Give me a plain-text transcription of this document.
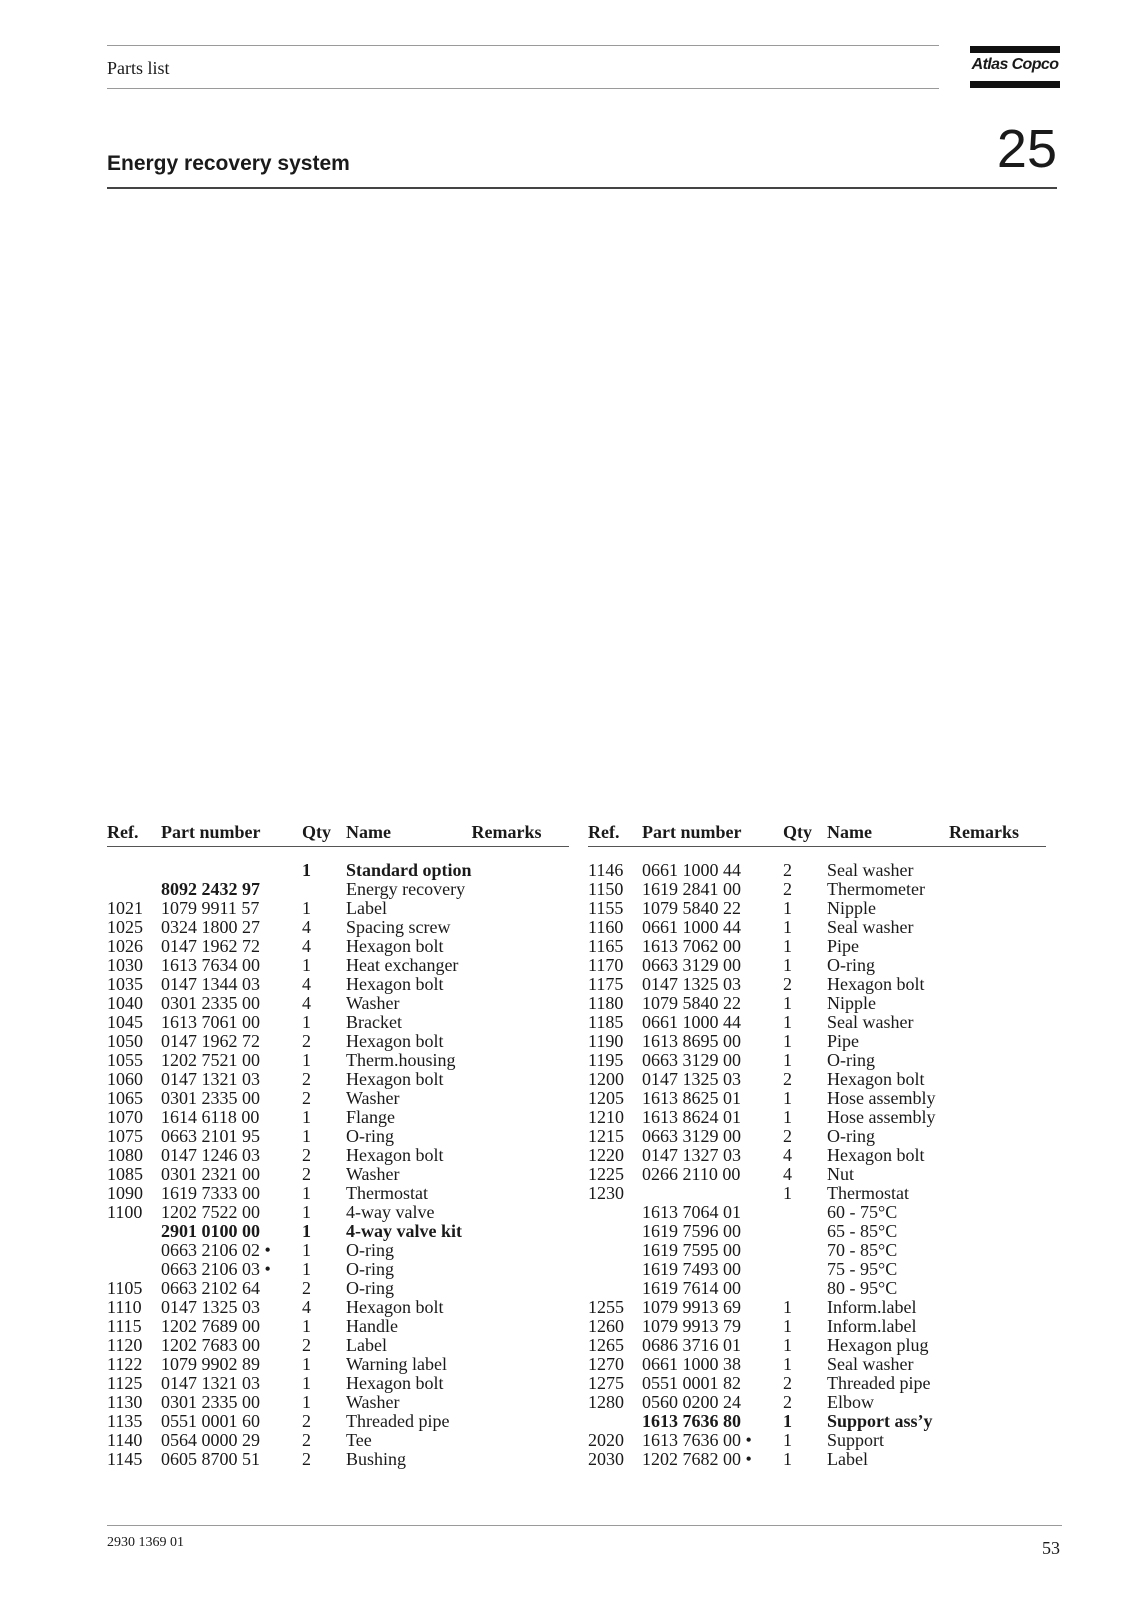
Parts list	Atlas Copco
Energy recovery system	25
Ref.	Part number	Qty	Name	Remarks

		1	Standard option	
	8092 2432 97		Energy recovery	
1021	1079 9911 57	1	Label	
1025	0324 1800 27	4	Spacing screw	
1026	0147 1962 72	4	Hexagon bolt	
1030	1613 7634 00	1	Heat exchanger	
1035	0147 1344 03	4	Hexagon bolt	
1040	0301 2335 00	4	Washer	
1045	1613 7061 00	1	Bracket	
1050	0147 1962 72	2	Hexagon bolt	
1055	1202 7521 00	1	Therm.housing	
1060	0147 1321 03	2	Hexagon bolt	
1065	0301 2335 00	2	Washer	
1070	1614 6118 00	1	Flange	
1075	0663 2101 95	1	O-ring	
1080	0147 1246 03	2	Hexagon bolt	
1085	0301 2321 00	2	Washer	
1090	1619 7333 00	1	Thermostat	
1100	1202 7522 00	1	4-way valve	
	2901 0100 00	1	4-way valve kit	
	0663 2106 02 •	1	O-ring	
	0663 2106 03 •	1	O-ring	
1105	0663 2102 64	2	O-ring	
1110	0147 1325 03	4	Hexagon bolt	
1115	1202 7689 00	1	Handle	
1120	1202 7683 00	2	Label	
1122	1079 9902 89	1	Warning label	
1125	0147 1321 03	1	Hexagon bolt	
1130	0301 2335 00	1	Washer	
1135	0551 0001 60	2	Threaded pipe	
1140	0564 0000 29	2	Tee	
1145	0605 8700 51	2	Bushing	
Ref.	Part number	Qty	Name	Remarks

1146	0661 1000 44	2	Seal washer	
1150	1619 2841 00	2	Thermometer	
1155	1079 5840 22	1	Nipple	
1160	0661 1000 44	1	Seal washer	
1165	1613 7062 00	1	Pipe	
1170	0663 3129 00	1	O-ring	
1175	0147 1325 03	2	Hexagon bolt	
1180	1079 5840 22	1	Nipple	
1185	0661 1000 44	1	Seal washer	
1190	1613 8695 00	1	Pipe	
1195	0663 3129 00	1	O-ring	
1200	0147 1325 03	2	Hexagon bolt	
1205	1613 8625 01	1	Hose assembly	
1210	1613 8624 01	1	Hose assembly	
1215	0663 3129 00	2	O-ring	
1220	0147 1327 03	4	Hexagon bolt	
1225	0266 2110 00	4	Nut	
1230		1	Thermostat	
	1613 7064 01		60 - 75°C	
	1619 7596 00		65 - 85°C	
	1619 7595 00		70 - 85°C	
	1619 7493 00		75 - 95°C	
	1619 7614 00		80 - 95°C	
1255	1079 9913 69	1	Inform.label	
1260	1079 9913 79	1	Inform.label	
1265	0686 3716 01	1	Hexagon plug	
1270	0661 1000 38	1	Seal washer	
1275	0551 0001 82	2	Threaded pipe	
1280	0560 0200 24	2	Elbow	
	1613 7636 80	1	Support ass’y	
2020	1613 7636 00 •	1	Support	
2030	1202 7682 00 •	1	Label	
2930 1369 01	53
